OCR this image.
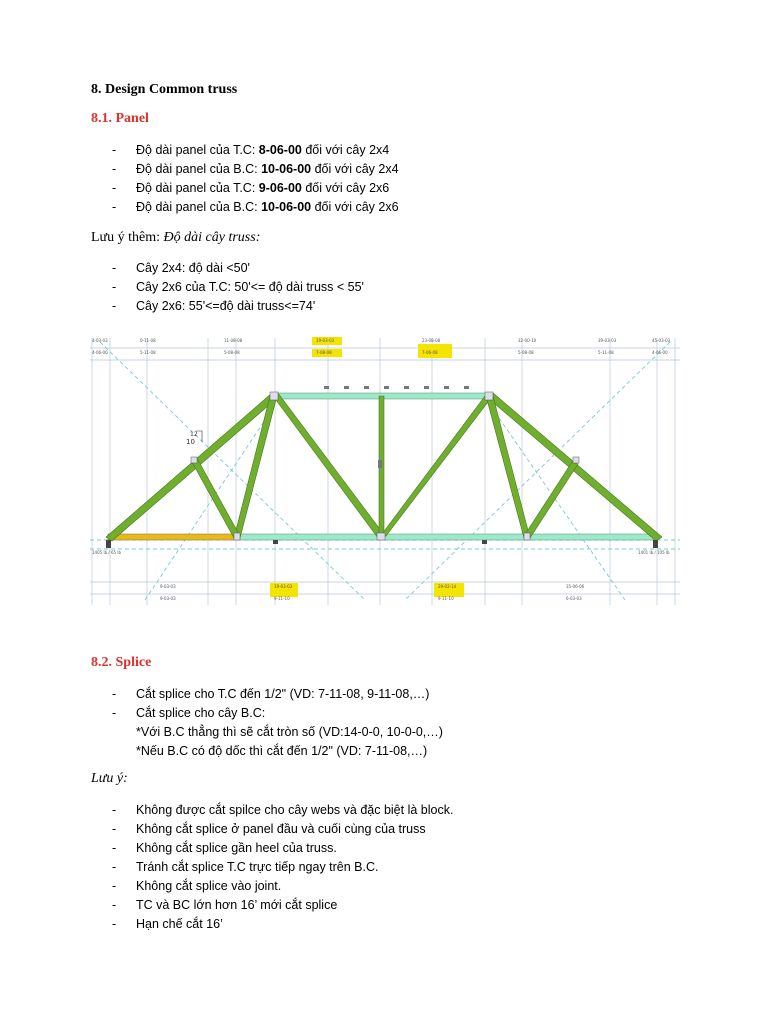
8. Design Common truss
8.1. Panel
- Độ dài panel của T.C: 8-06-00 đối với cây 2x4
- Độ dài panel của B.C: 10-06-00 đối với cây 2x4
- Độ dài panel của T.C: 9-06-00 đối với cây 2x6
- Độ dài panel của B.C: 10-06-00 đối với cây 2x6
Lưu ý thêm: Độ dài cây truss:
- Cây 2x4: độ dài <50'
- Cây 2x6 của T.C: 50'<= độ dài truss < 55'
- Cây 2x6: 55'<=độ dài truss<=74'
4-03-03	0-11-08	11-08-08	19-03-03	23-08-08	32-00-10	39-03-03	45-03-03
4-06-00	5-11-08	5-08-08	7-08-08	7-06-08	5-08-08	5-11-08	4-06-00
10
12
1405 lb / 65 lb	1401 lb / 105 lb
9-03-03	19-03-03	29-02-14	35-06-06
9-03-03	9-11-10	9-11-10	6-03-03
8.2. Splice
- Cắt splice cho T.C đến 1/2" (VD: 7-11-08, 9-11-08,…)
- Cắt splice cho cây B.C:
*Với B.C thẳng thì sẽ cắt tròn số (VD:14-0-0, 10-0-0,…)
*Nếu B.C có độ dốc thì cắt đến 1/2" (VD: 7-11-08,…)
Lưu ý:
- Không được cắt spilce cho cây webs và đặc biệt là block.
- Không cắt splice ở panel đầu và cuối cùng của truss
- Không cắt splice gần heel của truss.
- Tránh cắt splice T.C trực tiếp ngay trên B.C.
- Không cắt splice vào joint.
- TC và BC lớn hơn 16’ mới cắt splice
- Hạn chế cắt 16’
